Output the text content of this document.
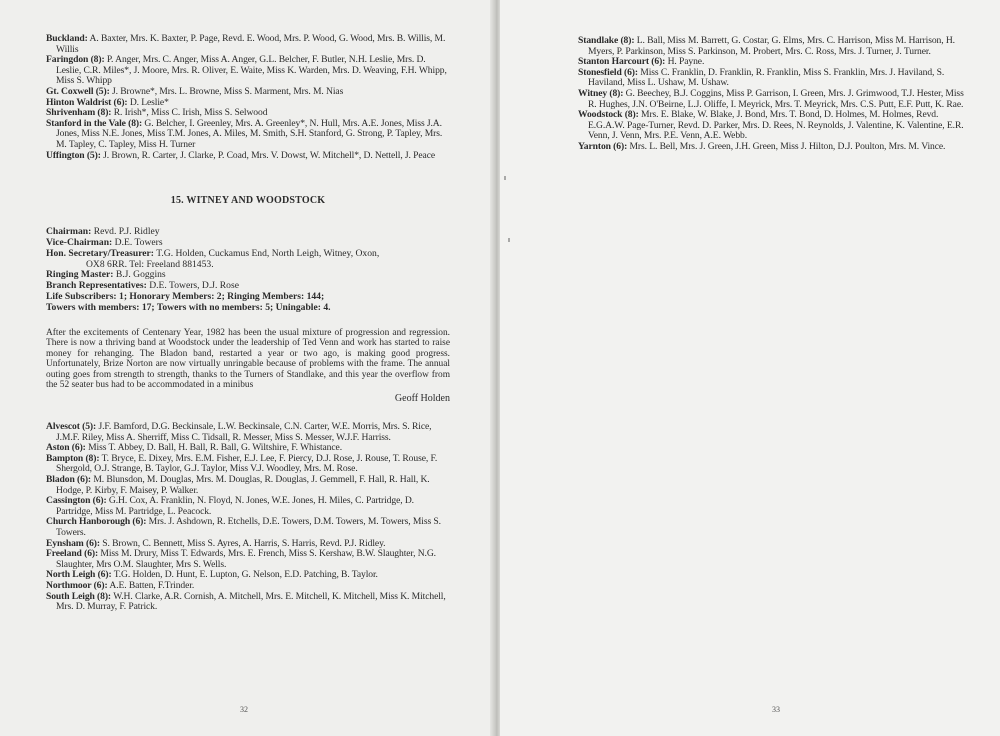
Buckland: A. Baxter, Mrs. K. Baxter, P. Page, Revd. E. Wood, Mrs. P. Wood, G. Wood, Mrs. B. Willis, M. Willis

Faringdon (8): P. Anger, Mrs. C. Anger, Miss A. Anger, G.L. Belcher, F. Butler, N.H. Leslie, Mrs. D. Leslie, C.R. Miles*, J. Moore, Mrs. R. Oliver, E. Waite, Miss K. Warden, Mrs. D. Weaving, F.H. Whipp, Miss S. Whipp

Gt. Coxwell (5): J. Browne*, Mrs. L. Browne, Miss S. Marment, Mrs. M. Nias

Hinton Waldrist (6): D. Leslie*

Shrivenham (8): R. Irish*, Miss C. Irish, Miss S. Selwood

Stanford in the Vale (8): G. Belcher, I. Greenley, Mrs. A. Greenley*, N. Hull, Mrs. A.E. Jones, Miss J.A. Jones, Miss N.E. Jones, Miss T.M. Jones, A. Miles, M. Smith, S.H. Stanford, G. Strong, P. Tapley, Mrs. M. Tapley, C. Tapley, Miss H. Turner

Uffington (5): J. Brown, R. Carter, J. Clarke, P. Coad, Mrs. V. Dowst, W. Mitchell*, D. Nettell, J. Peace

15. WITNEY AND WOODSTOCK

Chairman: Revd. P.J. Ridley

Vice-Chairman: D.E. Towers

Hon. Secretary/Treasurer: T.G. Holden, Cuckamus End, North Leigh, Witney, Oxon,

OX8 6RR. Tel: Freeland 881453.

Ringing Master: B.J. Goggins

Branch Representatives: D.E. Towers, D.J. Rose

Life Subscribers: 1; Honorary Members: 2; Ringing Members: 144;

Towers with members: 17; Towers with no members: 5; Uningable: 4.

After the excitements of Centenary Year, 1982 has been the usual mixture of progression and regression. There is now a thriving band at Woodstock under the leadership of Ted Venn and work has started to raise money for rehanging. The Bladon band, restarted a year or two ago, is making good progress. Unfortunately, Brize Norton are now virtually unringable because of problems with the frame. The annual outing goes from strength to strength, thanks to the Turners of Standlake, and this year the overflow from the 52 seater bus had to be accommodated in a minibus

Geoff Holden

Alvescot (5): J.F. Bamford, D.G. Beckinsale, L.W. Beckinsale, C.N. Carter, W.E. Morris, Mrs. S. Rice, J.M.F. Riley, Miss A. Sherriff, Miss C. Tidsall, R. Messer, Miss S. Messer, W.J.F. Harriss.

Aston (6): Miss T. Abbey, D. Ball, H. Ball, R. Ball, G. Wiltshire, F. Whistance.

Bampton (8): T. Bryce, E. Dixey, Mrs. E.M. Fisher, E.J. Lee, F. Piercy, D.J. Rose, J. Rouse, T. Rouse, F. Shergold, O.J. Strange, B. Taylor, G.J. Taylor, Miss V.J. Woodley, Mrs. M. Rose.

Bladon (6): M. Blunsdon, M. Douglas, Mrs. M. Douglas, R. Douglas, J. Gemmell, F. Hall, R. Hall, K. Hodge, P. Kirby, F. Maisey, P. Walker.

Cassington (6): G.H. Cox, A. Franklin, N. Floyd, N. Jones, W.E. Jones, H. Miles, C. Partridge, D. Partridge, Miss M. Partridge, L. Peacock.

Church Hanborough (6): Mrs. J. Ashdown, R. Etchells, D.E. Towers, D.M. Towers, M. Towers, Miss S. Towers.

Eynsham (6): S. Brown, C. Bennett, Miss S. Ayres, A. Harris, S. Harris, Revd. P.J. Ridley.

Freeland (6): Miss M. Drury, Miss T. Edwards, Mrs. E. French, Miss S. Kershaw, B.W. Slaughter, N.G. Slaughter, Mrs O.M. Slaughter, Mrs S. Wells.

North Leigh (6): T.G. Holden, D. Hunt, E. Lupton, G. Nelson, E.D. Patching, B. Taylor.

Northmoor (6): A.E. Batten, F.Trinder.

South Leigh (8): W.H. Clarke, A.R. Cornish, A. Mitchell, Mrs. E. Mitchell, K. Mitchell, Miss K. Mitchell, Mrs. D. Murray, F. Patrick.

32

Standlake (8): L. Ball, Miss M. Barrett, G. Costar, G. Elms, Mrs. C. Harrison, Miss M. Harrison, H. Myers, P. Parkinson, Miss S. Parkinson, M. Probert, Mrs. C. Ross, Mrs. J. Turner, J. Turner.

Stanton Harcourt (6): H. Payne.

Stonesfield (6): Miss C. Franklin, D. Franklin, R. Franklin, Miss S. Franklin, Mrs. J. Haviland, S. Haviland, Miss L. Ushaw, M. Ushaw.

Witney (8): G. Beechey, B.J. Coggins, Miss P. Garrison, I. Green, Mrs. J. Grimwood, T.J. Hester, Miss R. Hughes, J.N. O'Beirne, L.J. Oliffe, I. Meyrick, Mrs. T. Meyrick, Mrs. C.S. Putt, E.F. Putt, K. Rae.

Woodstock (8): Mrs. E. Blake, W. Blake, J. Bond, Mrs. T. Bond, D. Holmes, M. Holmes, Revd. E.G.A.W. Page-Turner, Revd. D. Parker, Mrs. D. Rees, N. Reynolds, J. Valentine, K. Valentine, E.R. Venn, J. Venn, Mrs. P.E. Venn, A.E. Webb.

Yarnton (6): Mrs. L. Bell, Mrs. J. Green, J.H. Green, Miss J. Hilton, D.J. Poulton, Mrs. M. Vince.

33
